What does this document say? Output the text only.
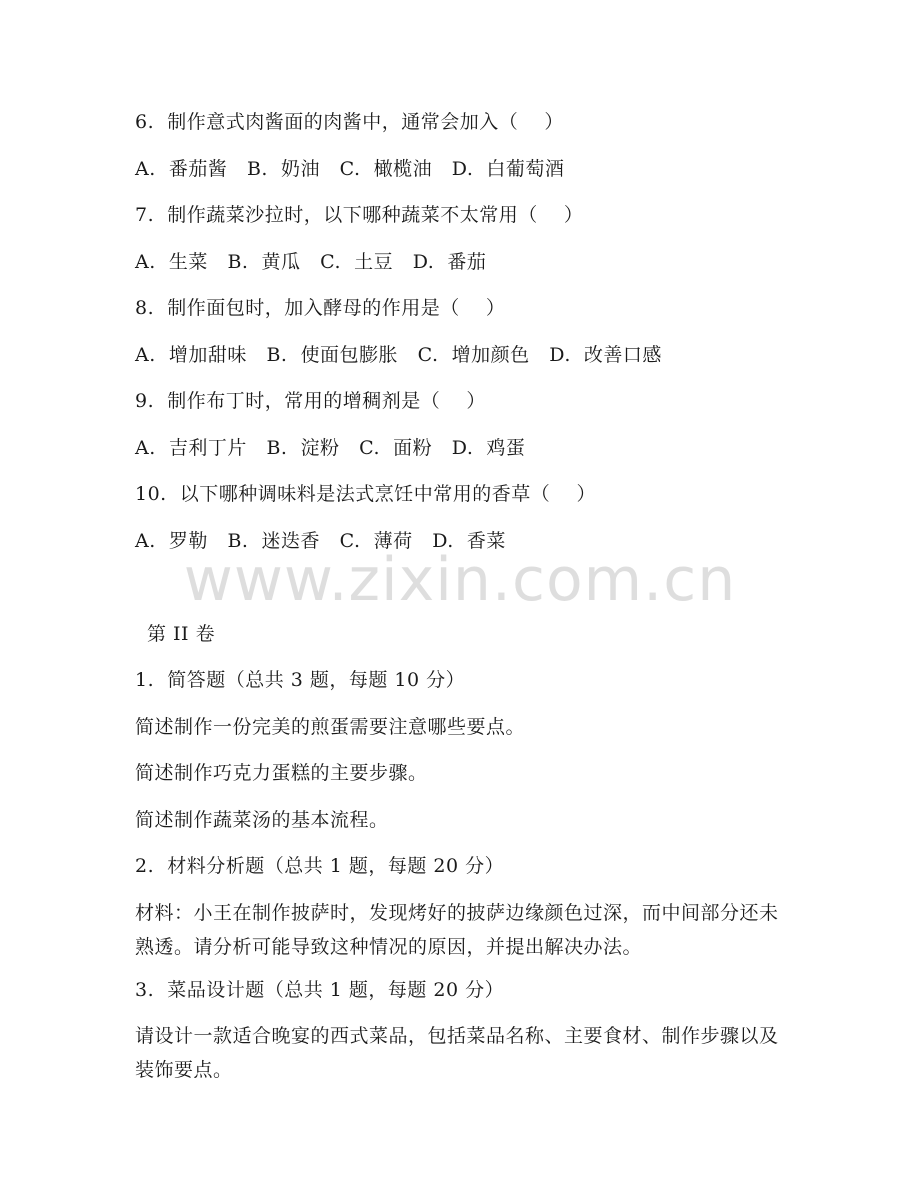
6.  制作意式肉酱面的肉酱中，通常会加入（    ）
A.  番茄酱   B.  奶油   C.  橄榄油   D.  白葡萄酒
7.  制作蔬菜沙拉时，以下哪种蔬菜不太常用（    ）
A.  生菜   B.  黄瓜   C.  土豆   D.  番茄
8.  制作面包时，加入酵母的作用是（    ）
A.  增加甜味   B.  使面包膨胀   C.  增加颜色   D.  改善口感
9.  制作布丁时，常用的增稠剂是（    ）
A.  吉利丁片   B.  淀粉   C.  面粉   D.  鸡蛋
10.  以下哪种调味料是法式烹饪中常用的香草（    ）
A.  罗勒   B.  迷迭香   C.  薄荷   D.  香菜
www.zixin.com.cn
第 II 卷
1.  简答题（总共 3 题，每题 10 分）
简述制作一份完美的煎蛋需要注意哪些要点。
简述制作巧克力蛋糕的主要步骤。
简述制作蔬菜汤的基本流程。
2.  材料分析题（总共 1 题，每题 20 分）
材料：小王在制作披萨时，发现烤好的披萨边缘颜色过深，而中间部分还未熟透。请分析可能导致这种情况的原因，并提出解决办法。
3.  菜品设计题（总共 1 题，每题 20 分）
请设计一款适合晚宴的西式菜品，包括菜品名称、主要食材、制作步骤以及装饰要点。
